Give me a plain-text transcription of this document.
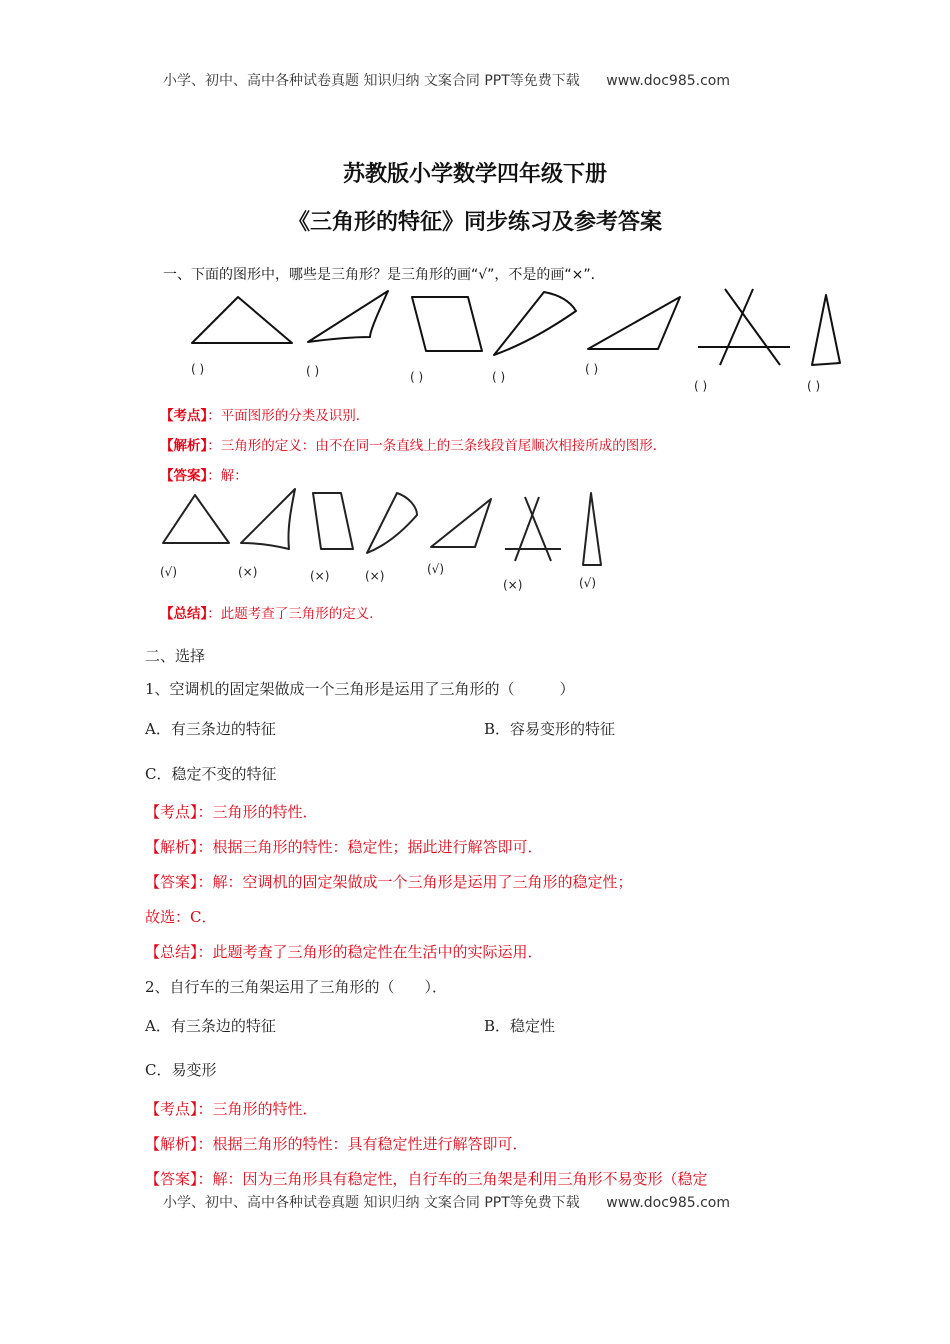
小学、初中、高中各种试卷真题 知识归纳 文案合同 PPT等免费下载 www.doc985.com
苏教版小学数学四年级下册
《三角形的特征》同步练习及参考答案
一、下面的图形中，哪些是三角形？是三角形的画“√”，不是的画“×”．
( )	( )	( )	( )
( )
( )	( )
【考点】：平面图形的分类及识别．
【解析】：三角形的定义：由不在同一条直线上的三条线段首尾顺次相接所成的图形．
【答案】：解：
(√)	(×)	(×)	(×)	(√)
(×)	(√)
【总结】：此题考查了三角形的定义．
二、选择
1、空调机的固定架做成一个三角形是运用了三角形的（　　　）
A．有三条边的特征	B．容易变形的特征
C．稳定不变的特征
【考点】：三角形的特性．
【解析】：根据三角形的特性：稳定性；据此进行解答即可．
【答案】：解：空调机的固定架做成一个三角形是运用了三角形的稳定性；
故选：C．
【总结】：此题考查了三角形的稳定性在生活中的实际运用．
2、自行车的三角架运用了三角形的（　　）．
A．有三条边的特征	B．稳定性
C．易变形
【考点】：三角形的特性．
【解析】：根据三角形的特性：具有稳定性进行解答即可．
【答案】：解：因为三角形具有稳定性，自行车的三角架是利用三角形不易变形（稳定
小学、初中、高中各种试卷真题 知识归纳 文案合同 PPT等免费下载 www.doc985.com
